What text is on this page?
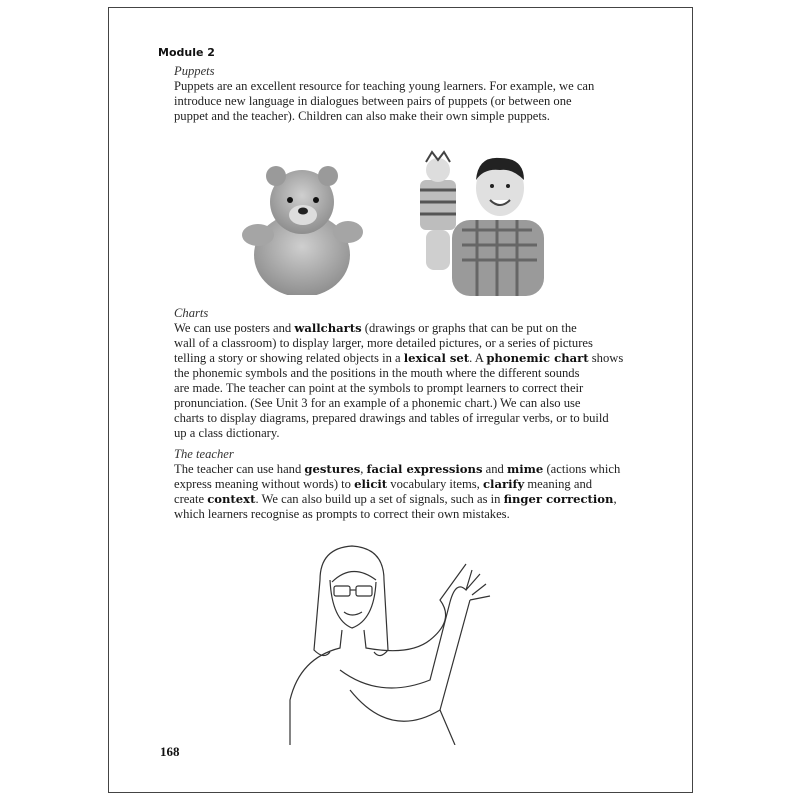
Module 2
Puppets
Puppets are an excellent resource for teaching young learners. For example, we can
introduce new language in dialogues between pairs of puppets (or between one
puppet and the teacher). Children can also make their own simple puppets.
Charts
We can use posters and wallcharts (drawings or graphs that can be put on the
wall of a classroom) to display larger, more detailed pictures, or a series of pictures
telling a story or showing related objects in a lexical set. A phonemic chart shows
the phonemic symbols and the positions in the mouth where the different sounds
are made. The teacher can point at the symbols to prompt learners to correct their
pronunciation. (See Unit 3 for an example of a phonemic chart.) We can also use
charts to display diagrams, prepared drawings and tables of irregular verbs, or to build
up a class dictionary.
The teacher
The teacher can use hand gestures, facial expressions and mime (actions which
express meaning without words) to elicit vocabulary items, clarify meaning and
create context. We can also build up a set of signals, such as in finger correction,
which learners recognise as prompts to correct their own mistakes.
168
